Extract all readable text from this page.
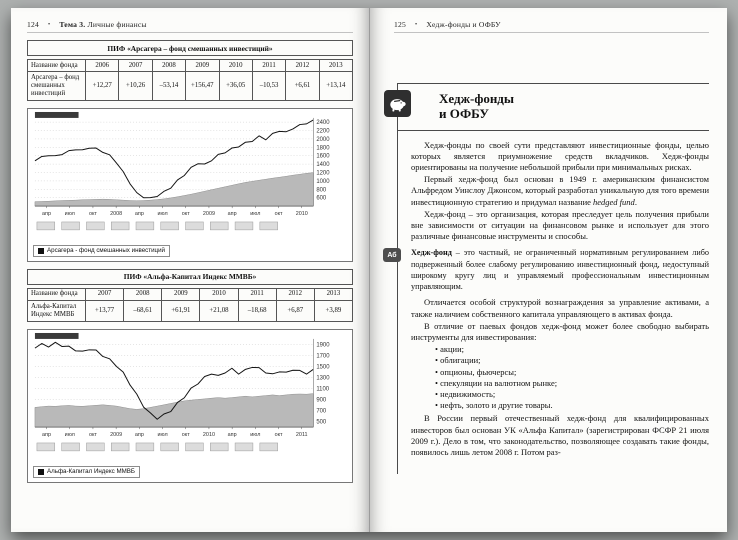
124 • Тема 3. Личные финансы
ПИФ «Арсагера – фонд смешанных инвестиций»
Название фонда	2006	2007	2008	2009	2010	2011	2012	2013
Арсагера – фонд смешанных инвестиций	+12,27	+10,26	–53,14	+156,47	+36,05	–10,53	+6,61	+13,14
2400
2200
2000
1800
1600
1400
1200
1000
800
600
апр июл	окт 2008 апр июл	окт 2009 апр июл	окт 2010
Арсагера - фонд смешанных инвестиций
ПИФ «Альфа-Капитал Индекс ММВБ»
Название фонда	2007	2008	2009	2010	2011	2012	2013
Альфа-Капитал Индекс ММВБ	+13,77	–68,61	+61,91	+21,08	–18,68	+6,87	+3,89
1900
1700
1500
1300
1100
900
700
500
апр июл	окт 2009 апр июл	окт 2010 апр июл	окт 2011
Альфа-Капитал Индекс ММВБ
125 • Хедж-фонды и ОФБУ
Хедж-фонды
и ОФБУ

Хедж-фонды по своей сути представляют инвестиционные фонды, целью которых является приумножение средств вкладчиков. Хедж-фонды ориентированы на получение небольшой прибыли при минимальных рисках.

Первый хедж-фонд был основан в 1949 г. американским финансистом Альфредом Уинслоу Джонсом, который разработал уникальную для того времени инвестиционную стратегию и придумал название hedged fund.

Хедж-фонд – это организация, которая преследует цель получения прибыли вне зависимости от ситуации на финансовом рынке и использует для этого различные финансовые инструменты и способы.

Аб Хедж-фонд – это частный, не ограниченный нормативным регулированием либо подверженный более слабому регулированию инвестиционный фонд, недоступный широкому кругу лиц и управляемый профессиональным инвестиционным управляющим.

Отличается особой структурой вознаграждения за управление активами, а также наличием собственного капитала управляющего в активах фонда.

В отличие от паевых фондов хедж-фонд может более свободно выбирать инструменты для инвестирования:

• акции;
• облигации;
• опционы, фьючерсы;
• спекуляции на валютном рынке;
• недвижимость;
• нефть, золото и другие товары.

В России первый отечественный хедж-фонд для квалифицированных инвесторов был основан УК «Альфа Капитал» (зарегистрирован ФСФР 21 июля 2009 г.). Дело в том, что законодательство, позволяющее создавать такие фонды, появилось лишь летом 2008 г. Потом раз-
